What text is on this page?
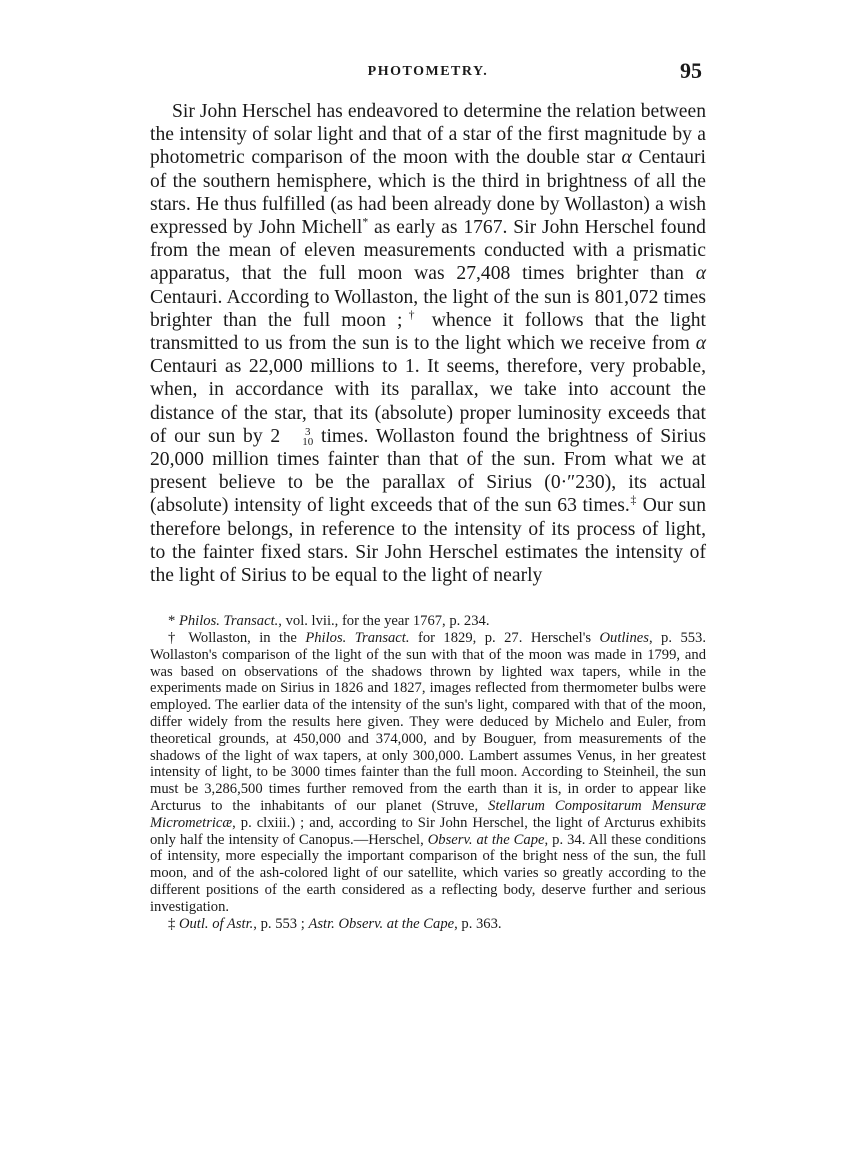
PHOTOMETRY.	95

Sir John Herschel has endeavored to determine the relation between the intensity of solar light and that of a star of the first magnitude by a photometric comparison of the moon with the double star α Centauri of the southern hemisphere, which is the third in brightness of all the stars. He thus fulfilled (as had been already done by Wollaston) a wish expressed by John Michell* as early as 1767. Sir John Herschel found from the mean of eleven measurements conducted with a prismatic apparatus, that the full moon was 27,408 times brighter than α Centauri. According to Wollaston, the light of the sun is 801,072 times brighter than the full moon ;† whence it follows that the light transmitted to us from the sun is to the light which we receive from α Centauri as 22,000 millions to 1. It seems, therefore, very probable, when, in accordance with its parallax, we take into account the distance of the star, that its (absolute) proper luminosity exceeds that of our sun by 2	3
10 times. Wollaston found the brightness of Sirius 20,000 million times fainter than that of the sun. From what we at present believe to be the parallax of Sirius (0·″230), its actual (absolute) intensity of light exceeds that of the sun 63 times.‡ Our sun therefore belongs, in reference to the intensity of its process of light, to the fainter fixed stars. Sir John Herschel estimates the intensity of the light of Sirius to be equal to the light of nearly

* Philos. Transact., vol. lvii., for the year 1767, p. 234.

† Wollaston, in the Philos. Transact. for 1829, p. 27. Herschel's Outlines, p. 553. Wollaston's comparison of the light of the sun with that of the moon was made in 1799, and was based on observations of the shadows thrown by lighted wax tapers, while in the experiments made on Sirius in 1826 and 1827, images reflected from thermometer bulbs were employed. The earlier data of the intensity of the sun's light, compared with that of the moon, differ widely from the results here given. They were deduced by Michelo and Euler, from theoretical grounds, at 450,000 and 374,000, and by Bouguer, from measurements of the shadows of the light of wax tapers, at only 300,000. Lambert assumes Venus, in her greatest intensity of light, to be 3000 times fainter than the full moon. According to Steinheil, the sun must be 3,286,500 times further removed from the earth than it is, in order to appear like Arcturus to the inhabitants of our planet (Struve, Stellarum Compositarum Mensuræ Micrometricæ, p. clxiii.) ; and, according to Sir John Herschel, the light of Arcturus exhibits only half the intensity of Canopus.—Herschel, Observ. at the Cape, p. 34. All these conditions of intensity, more especially the important comparison of the bright ness of the sun, the full moon, and of the ash-colored light of our satellite, which varies so greatly according to the different positions of the earth considered as a reflecting body, deserve further and serious investigation.

‡ Outl. of Astr., p. 553 ; Astr. Observ. at the Cape, p. 363.
